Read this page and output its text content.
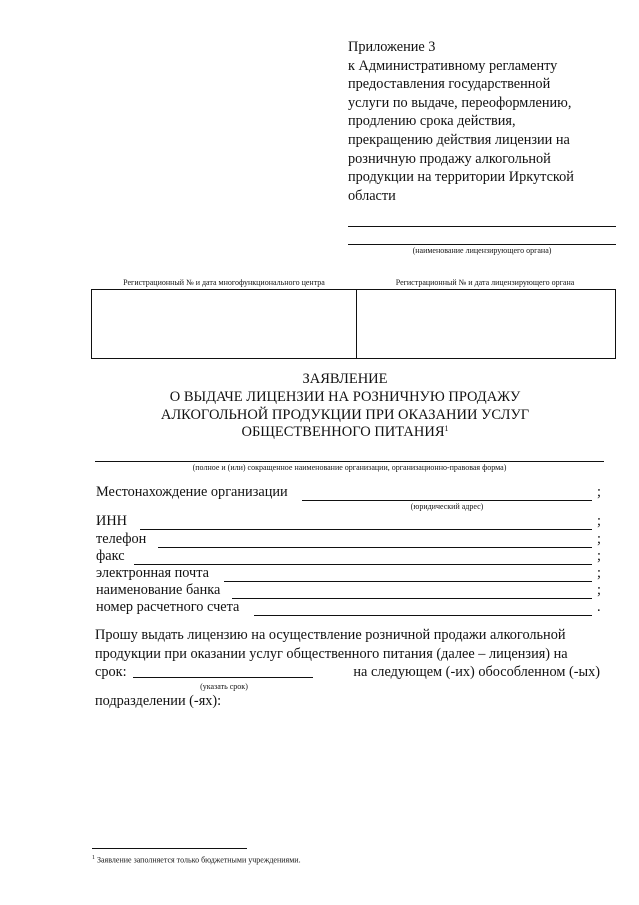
Приложение 3
к Административному регламенту
предоставления государственной
услуги по выдаче, переоформлению,
продлению срока действия,
прекращению действия лицензии на
розничную продажу алкогольной
продукции на территории Иркутской
области
(наименование лицензирующего органа)
Регистрационный № и дата многофункционального центра	Регистрационный № и дата лицензирующего органа
ЗАЯВЛЕНИЕ
О ВЫДАЧЕ ЛИЦЕНЗИИ НА РОЗНИЧНУЮ ПРОДАЖУ
АЛКОГОЛЬНОЙ ПРОДУКЦИИ ПРИ ОКАЗАНИИ УСЛУГ
ОБЩЕСТВЕННОГО ПИТАНИЯ$^1$
(полное и (или) сокращенное наименование организации, организационно-правовая форма)
Местонахождение организации	;
(юридический адрес)
ИНН	;
телефон	;
факс	;
электронная почта	;
наименование банка	;
номер расчетного счета	.
Прошу выдать лицензию на осуществление розничной продажи алкогольной
продукции при оказании услуг общественного питания (далее – лицензия) на
срок:	на следующем (-их) обособленном (-ых)
(указать срок)
подразделении (-ях):
$^1$ Заявление заполняется только бюджетными учреждениями.
